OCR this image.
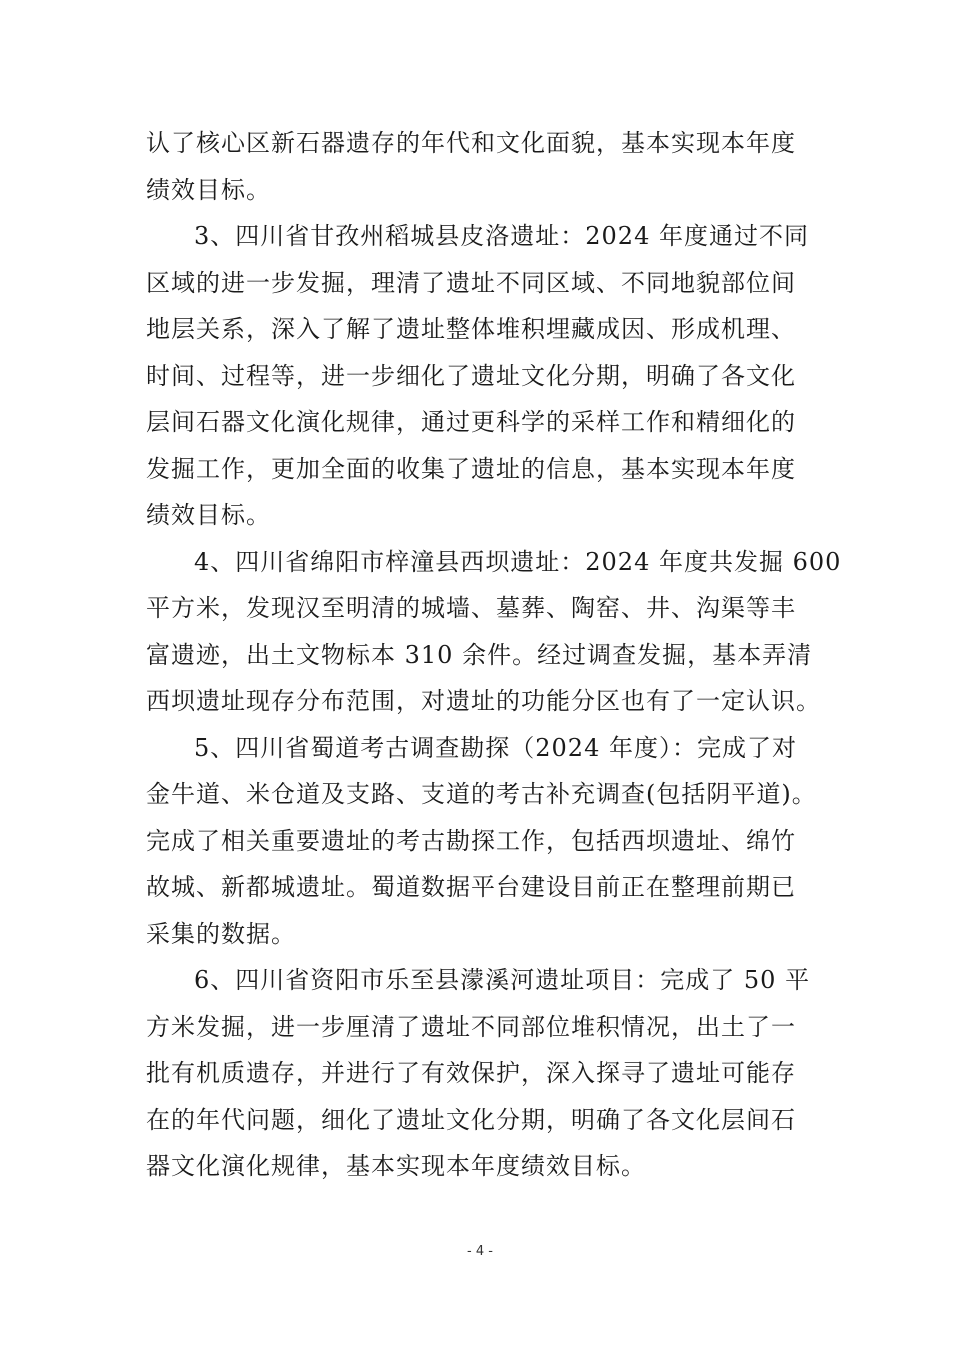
认了核心区新石器遗存的年代和文化面貌，基本实现本年度
绩效目标。
3、四川省甘孜州稻城县皮洛遗址：2024 年度通过不同
区域的进一步发掘，理清了遗址不同区域、不同地貌部位间
地层关系，深入了解了遗址整体堆积埋藏成因、形成机理、
时间、过程等，进一步细化了遗址文化分期，明确了各文化
层间石器文化演化规律，通过更科学的采样工作和精细化的
发掘工作，更加全面的收集了遗址的信息，基本实现本年度
绩效目标。
4、四川省绵阳市梓潼县西坝遗址：2024 年度共发掘 600
平方米，发现汉至明清的城墙、墓葬、陶窑、井、沟渠等丰
富遗迹，出土文物标本 310 余件。经过调查发掘，基本弄清
西坝遗址现存分布范围，对遗址的功能分区也有了一定认识。
5、四川省蜀道考古调查勘探（2024 年度）：完成了对
金牛道、米仓道及支路、支道的考古补充调查(包括阴平道)。
完成了相关重要遗址的考古勘探工作，包括西坝遗址、绵竹
故城、新都城遗址。蜀道数据平台建设目前正在整理前期已
采集的数据。
6、四川省资阳市乐至县濛溪河遗址项目：完成了 50 平
方米发掘，进一步厘清了遗址不同部位堆积情况，出土了一
批有机质遗存，并进行了有效保护，深入探寻了遗址可能存
在的年代问题，细化了遗址文化分期，明确了各文化层间石
器文化演化规律，基本实现本年度绩效目标。
- 4 -
